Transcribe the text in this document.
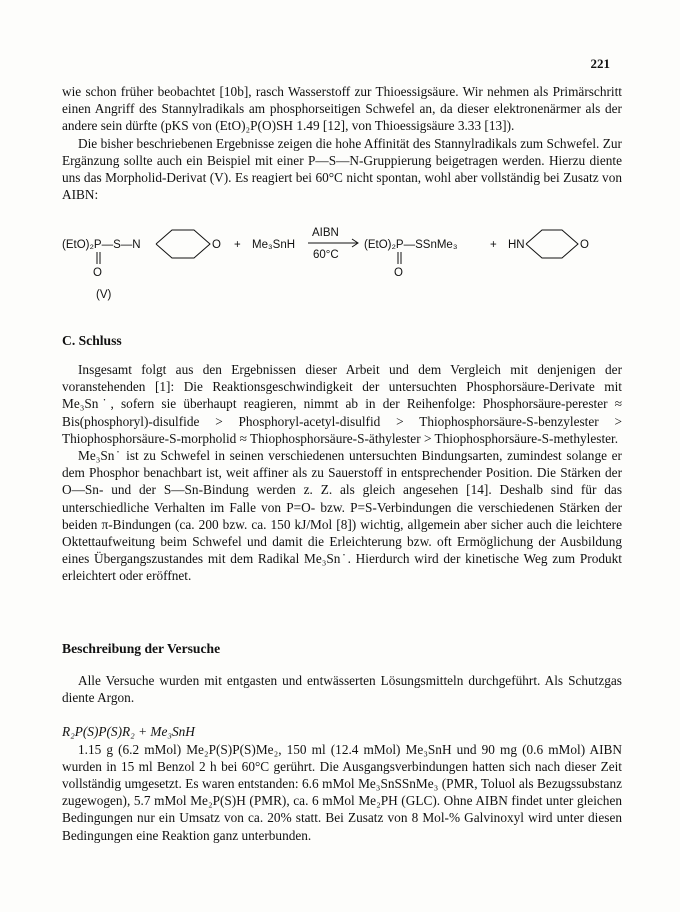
221

wie schon früher beobachtet [10b], rasch Wasserstoff zur Thioessigsäure. Wir nehmen als Primärschritt einen Angriff des Stannylradikals am phosphorseitigen Schwefel an, da dieser elektronenärmer als der andere sein dürfte (pKS von (EtO)₂P(O)SH 1.49 [12], von Thioessigsäure 3.33 [13]).

Die bisher beschriebenen Ergebnisse zeigen die hohe Affinität des Stannylradikals zum Schwefel. Zur Ergänzung sollte auch ein Beispiel mit einer P—S—N-Gruppierung beigetragen werden. Hierzu diente uns das Morpholid-Derivat (V). Es reagiert bei 60°C nicht spontan, wohl aber vollständig bei Zusatz von AIBN:

(EtO)₂P—S—N	O
O
+ Me₃SnH
AIBN
60°C
(EtO)₂P—SSnMe₃
O
+ HN	O
(V)

C. Schluss

Insgesamt folgt aus den Ergebnissen dieser Arbeit und dem Vergleich mit denjenigen der voranstehenden [1]: Die Reaktionsgeschwindigkeit der untersuchten Phosphorsäure-Derivate mit Me₃Sn˙, sofern sie überhaupt reagieren, nimmt ab in der Reihenfolge: Phosphorsäure-perester ≈ Bis(phosphoryl)-disulfide > Phosphoryl-acetyl-disulfid > Thiophosphorsäure-S-benzylester > Thiophosphorsäure-S-morpholid ≈ Thiophosphorsäure-S-äthylester > Thiophosphorsäure-S-methylester.

Me₃Sn˙ ist zu Schwefel in seinen verschiedenen untersuchten Bindungsarten, zumindest solange er dem Phosphor benachbart ist, weit affiner als zu Sauerstoff in entsprechender Position. Die Stärken der O—Sn- und der S—Sn-Bindung werden z. Z. als gleich angesehen [14]. Deshalb sind für das unterschiedliche Verhalten im Falle von P=O- bzw. P=S-Verbindungen die verschiedenen Stärken der beiden π-Bindungen (ca. 200 bzw. ca. 150 kJ/Mol [8]) wichtig, allgemein aber sicher auch die leichtere Oktettaufweitung beim Schwefel und damit die Erleichterung bzw. oft Ermöglichung der Ausbildung eines Übergangszustandes mit dem Radikal Me₃Sn˙. Hierdurch wird der kinetische Weg zum Produkt erleichtert oder eröffnet.

Beschreibung der Versuche

Alle Versuche wurden mit entgasten und entwässerten Lösungsmitteln durchgeführt. Als Schutzgas diente Argon.

R₂P(S)P(S)R₂ + Me₃SnH

1.15 g (6.2 mMol) Me₂P(S)P(S)Me₂, 150 ml (12.4 mMol) Me₃SnH und 90 mg (0.6 mMol) AIBN wurden in 15 ml Benzol 2 h bei 60°C gerührt. Die Ausgangsverbindungen hatten sich nach dieser Zeit vollständig umgesetzt. Es waren entstanden: 6.6 mMol Me₃SnSSnMe₃ (PMR, Toluol als Bezugssubstanz zugewogen), 5.7 mMol Me₂P(S)H (PMR), ca. 6 mMol Me₂PH (GLC). Ohne AIBN findet unter gleichen Bedingungen nur ein Umsatz von ca. 20% statt. Bei Zusatz von 8 Mol-% Galvinoxyl wird unter diesen Bedingungen eine Reaktion ganz unterbunden.
